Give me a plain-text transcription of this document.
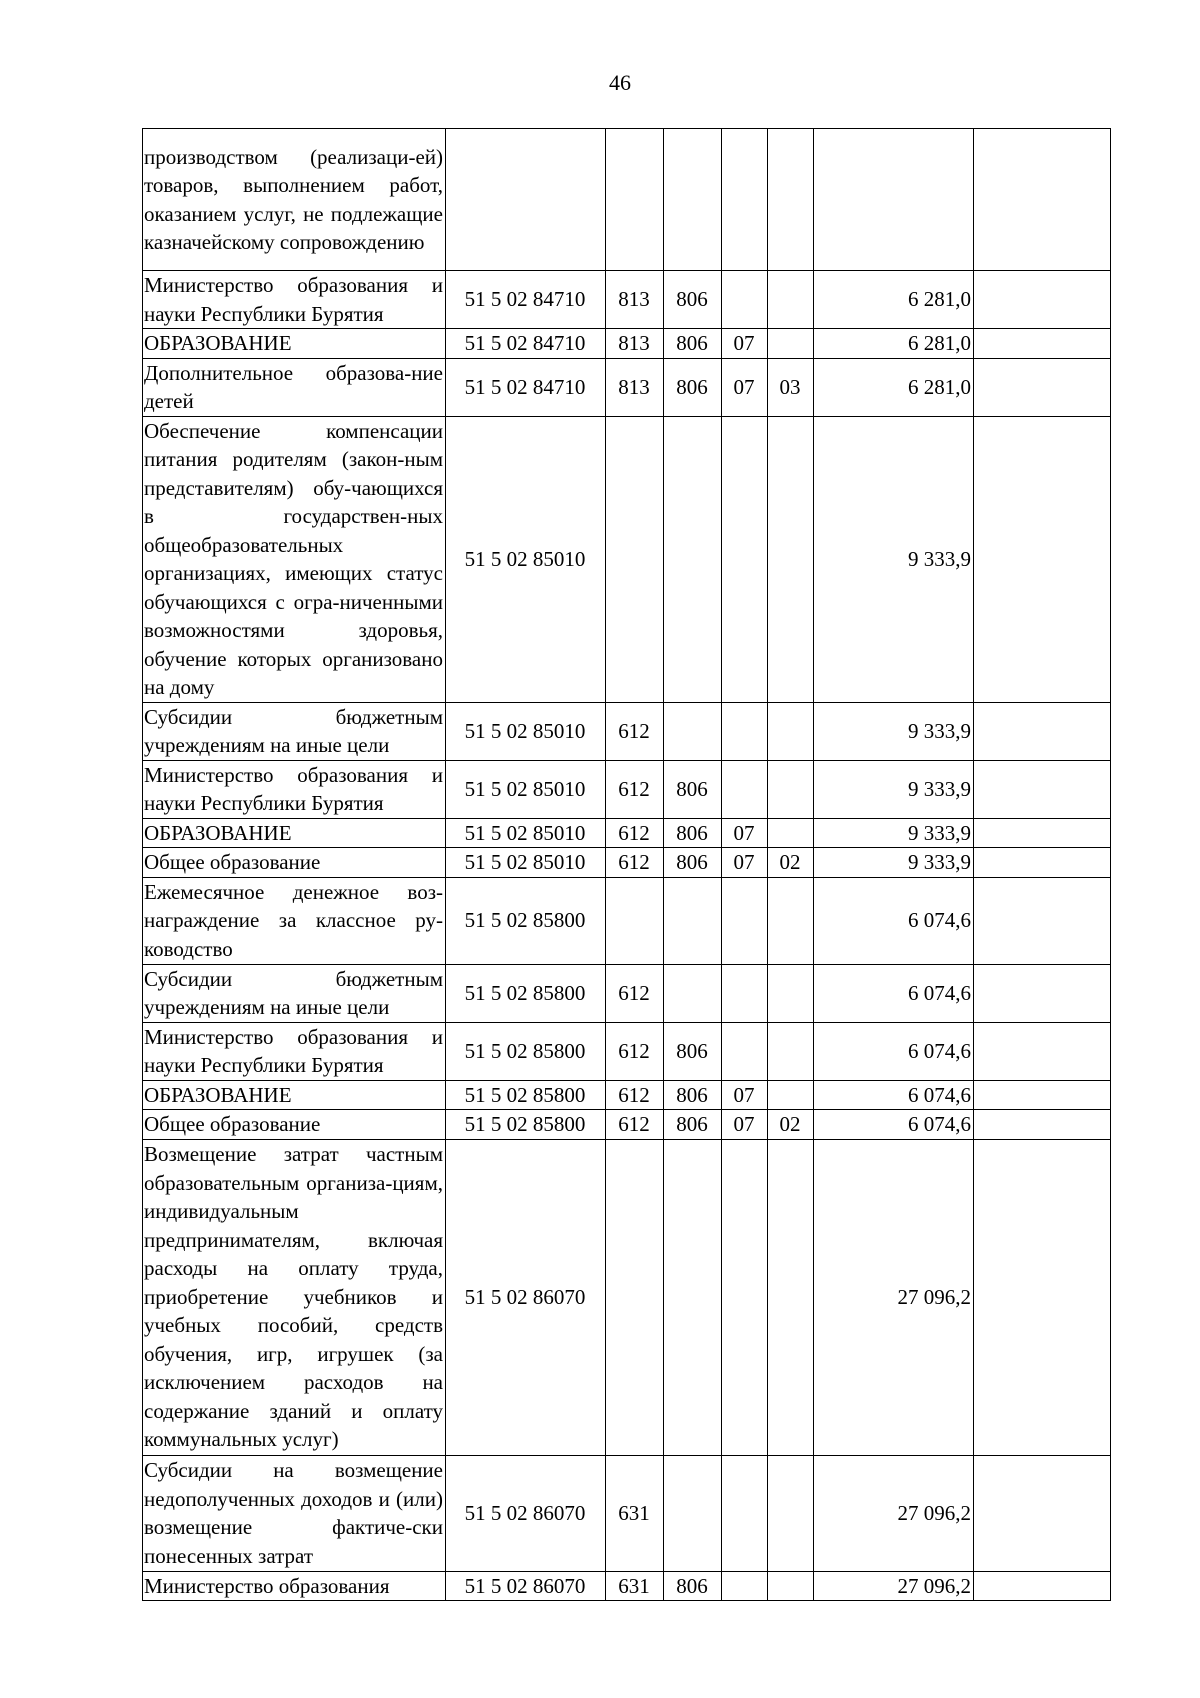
46
производством (реализаци-ей) товаров, выполнением работ, оказанием услуг, не подлежащие казначейскому сопровождению							
Министерство образования и науки Республики Бурятия	51 5 02 84710	813	806			6 281,0	
ОБРАЗОВАНИЕ	51 5 02 84710	813	806	07		6 281,0	
Дополнительное образова-ние детей	51 5 02 84710	813	806	07	03	6 281,0	
Обеспечение компенсации питания родителям (закон-ным представителям) обу-чающихся в государствен-ных общеобразовательных организациях, имеющих статус обучающихся с огра-ниченными возможностями здоровья, обучение которых организовано на дому	51 5 02 85010					9 333,9	
Субсидии бюджетным учреждениям на иные цели	51 5 02 85010	612				9 333,9	
Министерство образования и науки Республики Бурятия	51 5 02 85010	612	806			9 333,9	
ОБРАЗОВАНИЕ	51 5 02 85010	612	806	07		9 333,9	
Общее образование	51 5 02 85010	612	806	07	02	9 333,9	
Ежемесячное денежное воз-награждение за классное ру-ководство	51 5 02 85800					6 074,6	
Субсидии бюджетным учреждениям на иные цели	51 5 02 85800	612				6 074,6	
Министерство образования и науки Республики Бурятия	51 5 02 85800	612	806			6 074,6	
ОБРАЗОВАНИЕ	51 5 02 85800	612	806	07		6 074,6	
Общее образование	51 5 02 85800	612	806	07	02	6 074,6	
Возмещение затрат частным образовательным организа-циям, индивидуальным предпринимателям, включая расходы на оплату труда, приобретение учебников и учебных пособий, средств обучения, игр, игрушек (за исключением расходов на содержание зданий и оплату коммунальных услуг)	51 5 02 86070					27 096,2	
Субсидии на возмещение недополученных доходов и (или) возмещение фактиче-ски понесенных затрат	51 5 02 86070	631				27 096,2	
Министерство образования	51 5 02 86070	631	806			27 096,2	
